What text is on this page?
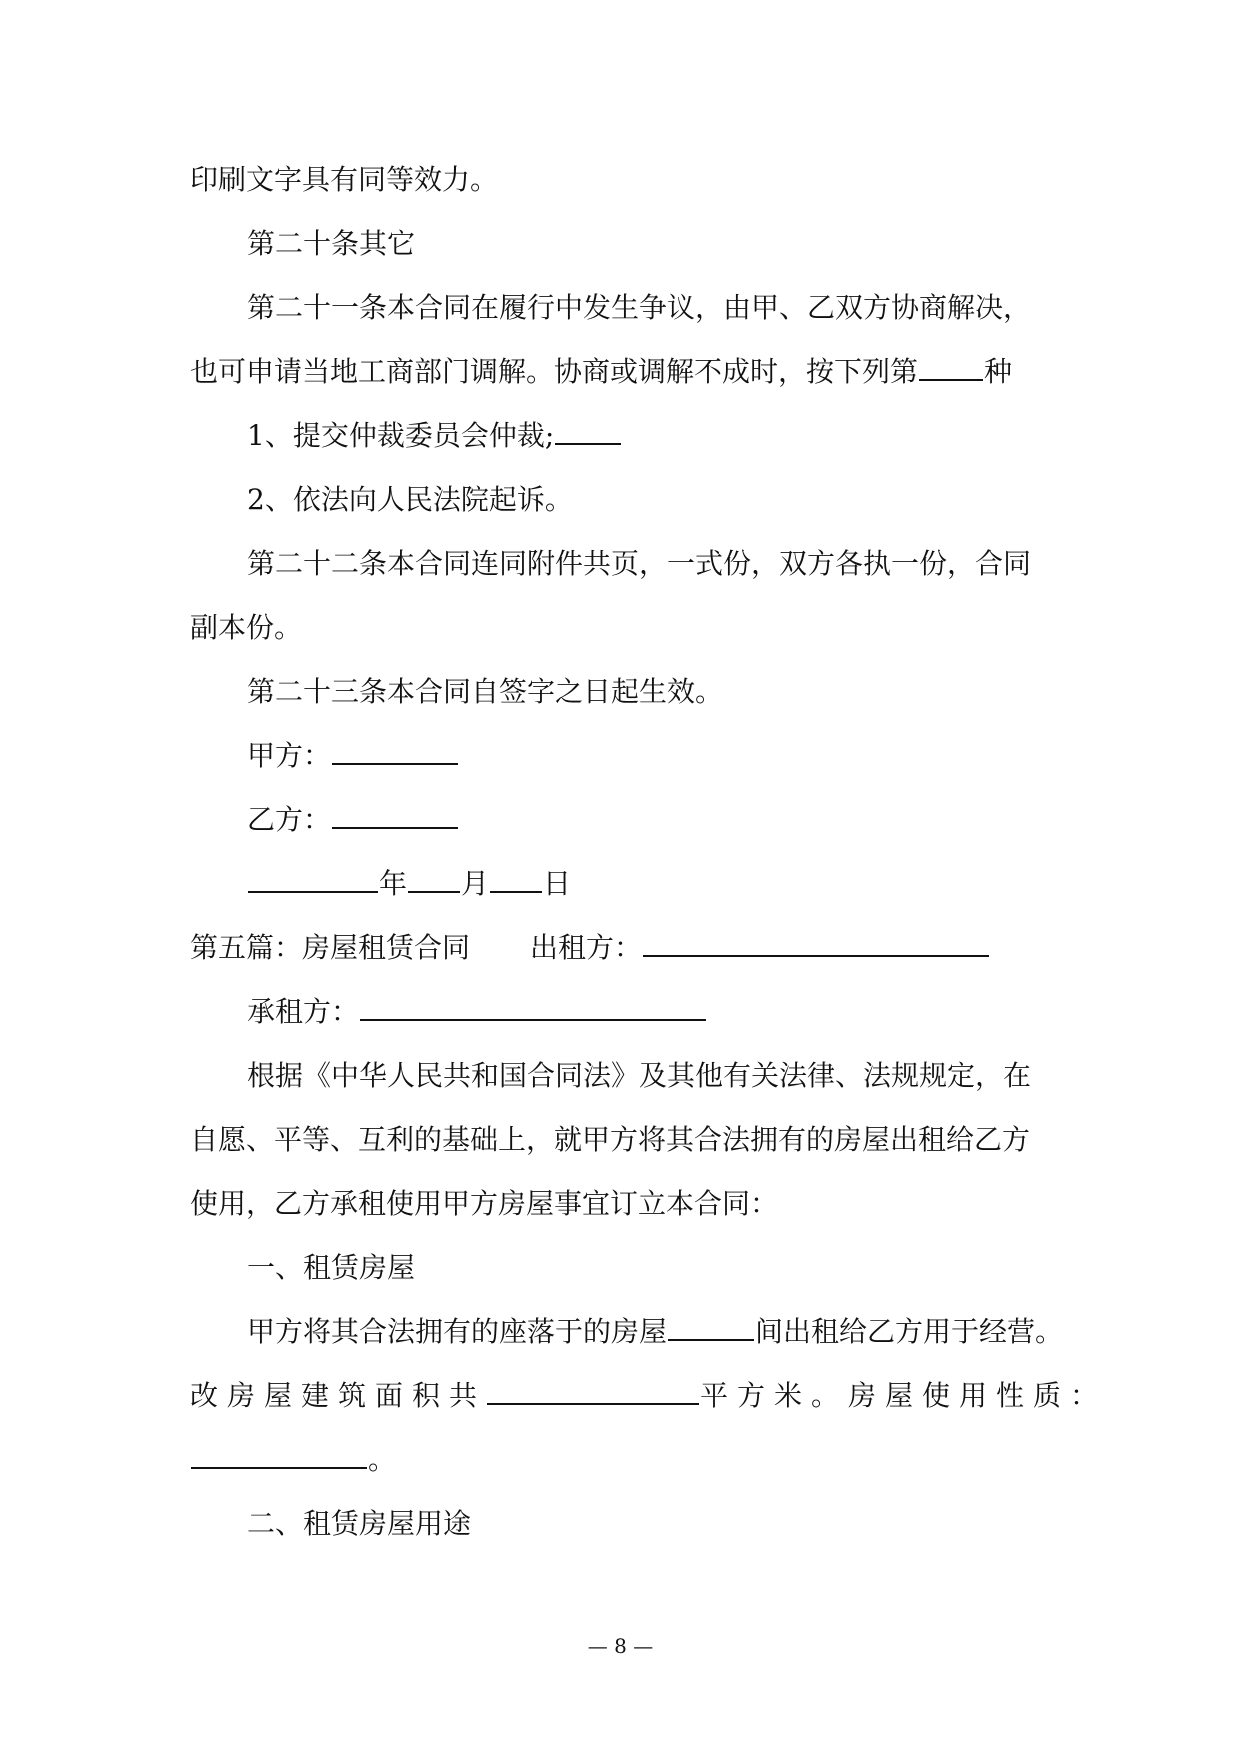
印刷文字具有同等效力。
第二十条其它
第二十一条本合同在履行中发生争议，由甲、乙双方协商解决，
也可申请当地工商部门调解。协商或调解不成时，按下列第 种
1、提交仲裁委员会仲裁;
2、依法向人民法院起诉。
第二十二条本合同连同附件共页，一式份，双方各执一份，合同
副本份。
第二十三条本合同自签字之日起生效。
甲方：
乙方：
年 月 日
第五篇：房屋租赁合同 出租方：
承租方：
根据《中华人民共和国合同法》及其他有关法律、法规规定，在
自愿、平等、互利的基础上，就甲方将其合法拥有的房屋出租给乙方
使用，乙方承租使用甲方房屋事宜订立本合同：
一、租赁房屋
甲方将其合法拥有的座落于的房屋	间出租给乙方用于经营。
改房屋建筑面积共	平方米。房屋使用性质：
。
二、租赁房屋用途
— 8 —
